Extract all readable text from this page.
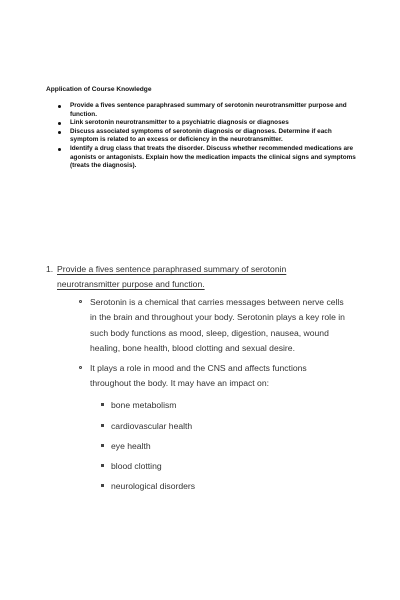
Application of Course Knowledge

Provide a fives sentence paraphrased summary of serotonin neurotransmitter purpose and function.
Link serotonin neurotransmitter to a psychiatric diagnosis or diagnoses
Discuss associated symptoms of serotonin diagnosis or diagnoses. Determine if each symptom is related to an excess or deficiency in the neurotransmitter.
Identify a drug class that treats the disorder. Discuss whether recommended medications are agonists or antagonists. Explain how the medication impacts the clinical signs and symptoms (treats the diagnosis).
1. Provide a fives sentence paraphrased summary of serotonin neurotransmitter purpose and function.
Serotonin is a chemical that carries messages between nerve cells in the brain and throughout your body. Serotonin plays a key role in such body functions as mood, sleep, digestion, nausea, wound healing, bone health, blood clotting and sexual desire.
It plays a role in mood and the CNS and affects functions throughout the body. It may have an impact on:
bone metabolism
cardiovascular health
eye health
blood clotting
neurological disorders
